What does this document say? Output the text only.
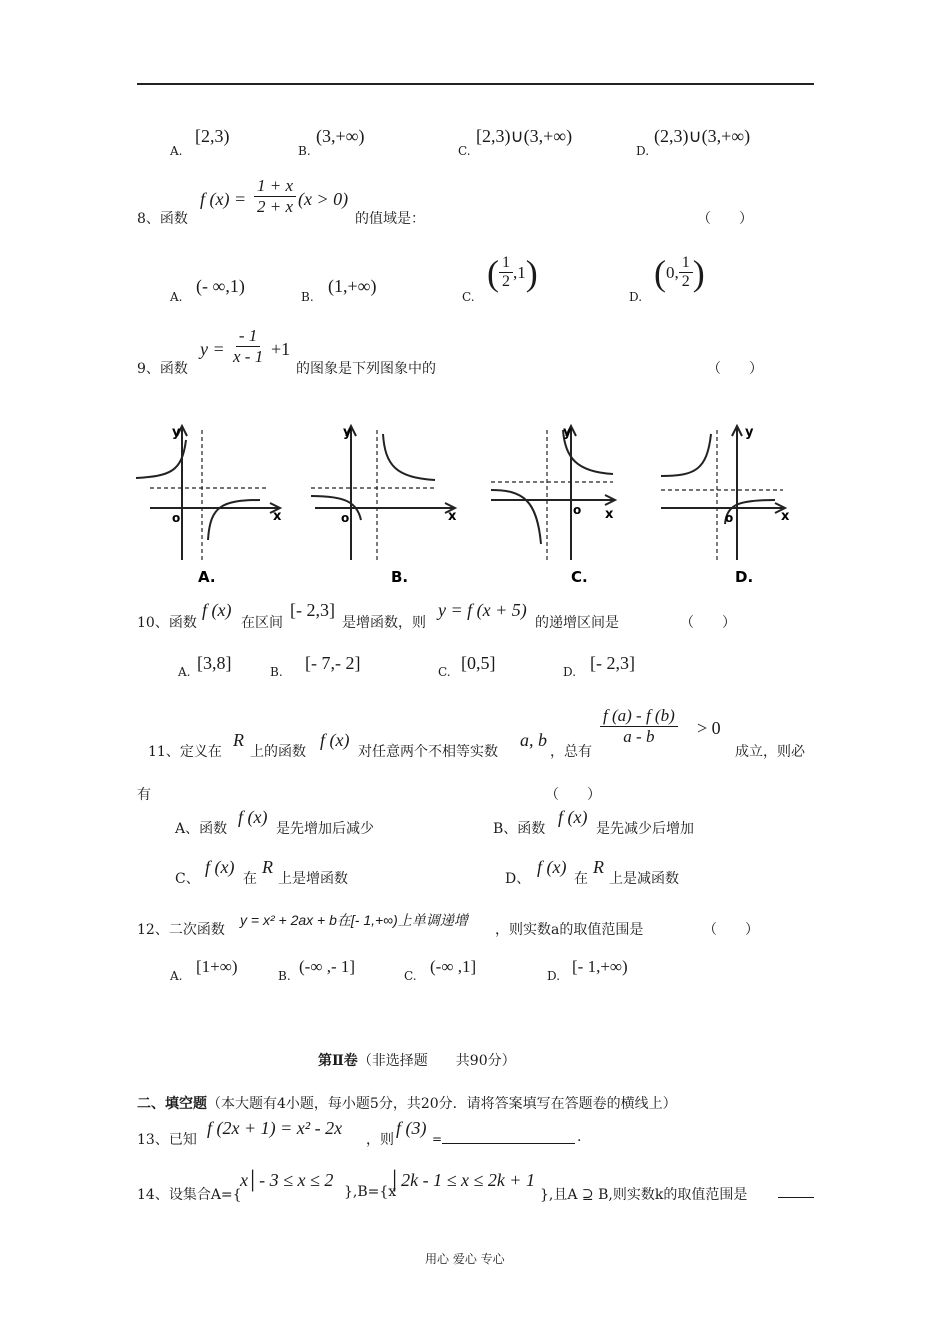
A.
[2,3)
B.
(3,+∞)
C.
[2,3)∪(3,+∞)
D.
(2,3)∪(3,+∞)
8、函数
f $(x) = \frac{1 + x}{2 + x} (x > 0)$
的值域是：	（　　）
A.
(- ∞,1)
B.
(1,+∞)
C.
( $\frac{1}{2} ,1$)
D.
(0, $\frac{1}{2}$ )
9、函数
$y = \frac{- 1}{x - 1} +1$
的图象是下列图象中的	（　　）
y
x
o
A.
y
x
o
B.
y
x
o
C.
y
x
o
D.
10、函数
f (x)
在区间
[- 2,3]
是增函数，则
y = f (x + 5)
的递增区间是	（　　）
A. [3,8]	B. [- 7,- 2]	C. [0,5]	D. [- 2,3]
11、定义在
R
上的函数
f (x)
对任意两个不相等实数
a, b
，总有
$\frac{f (a) - f (b)}{a - b} > 0$
成立，则必
有	（　　）
A、函数
f (x)
是先增加后减少	B、函数
f (x)
是先减少后增加
C、
f (x)
在
R
上是增函数	D、
f (x)
在
R
上是减函数
12、二次函数
y = x² + 2ax + b在[- 1,+∞)上单调递增
，则实数a的取值范围是	（　　）
A. [1+∞)	B. (-∞ ,- 1]	C. (-∞ ,1]	D. [- 1,+∞)
第Ⅱ卷（非选择题　　共90分）
二、填空题（本大题有4小题，每小题5分，共20分．请将答案填写在答题卷的横线上）
13、已知
f (2x + 1) = x² - 2x
，则
f (3)
=	.
14、设集合A={
x│- 3 ≤ x ≤ 2
},B={x
│2k - 1 ≤ x ≤ 2k + 1
},且A ⊇ B,则实数k的取值范围是
用心 爱心 专心
